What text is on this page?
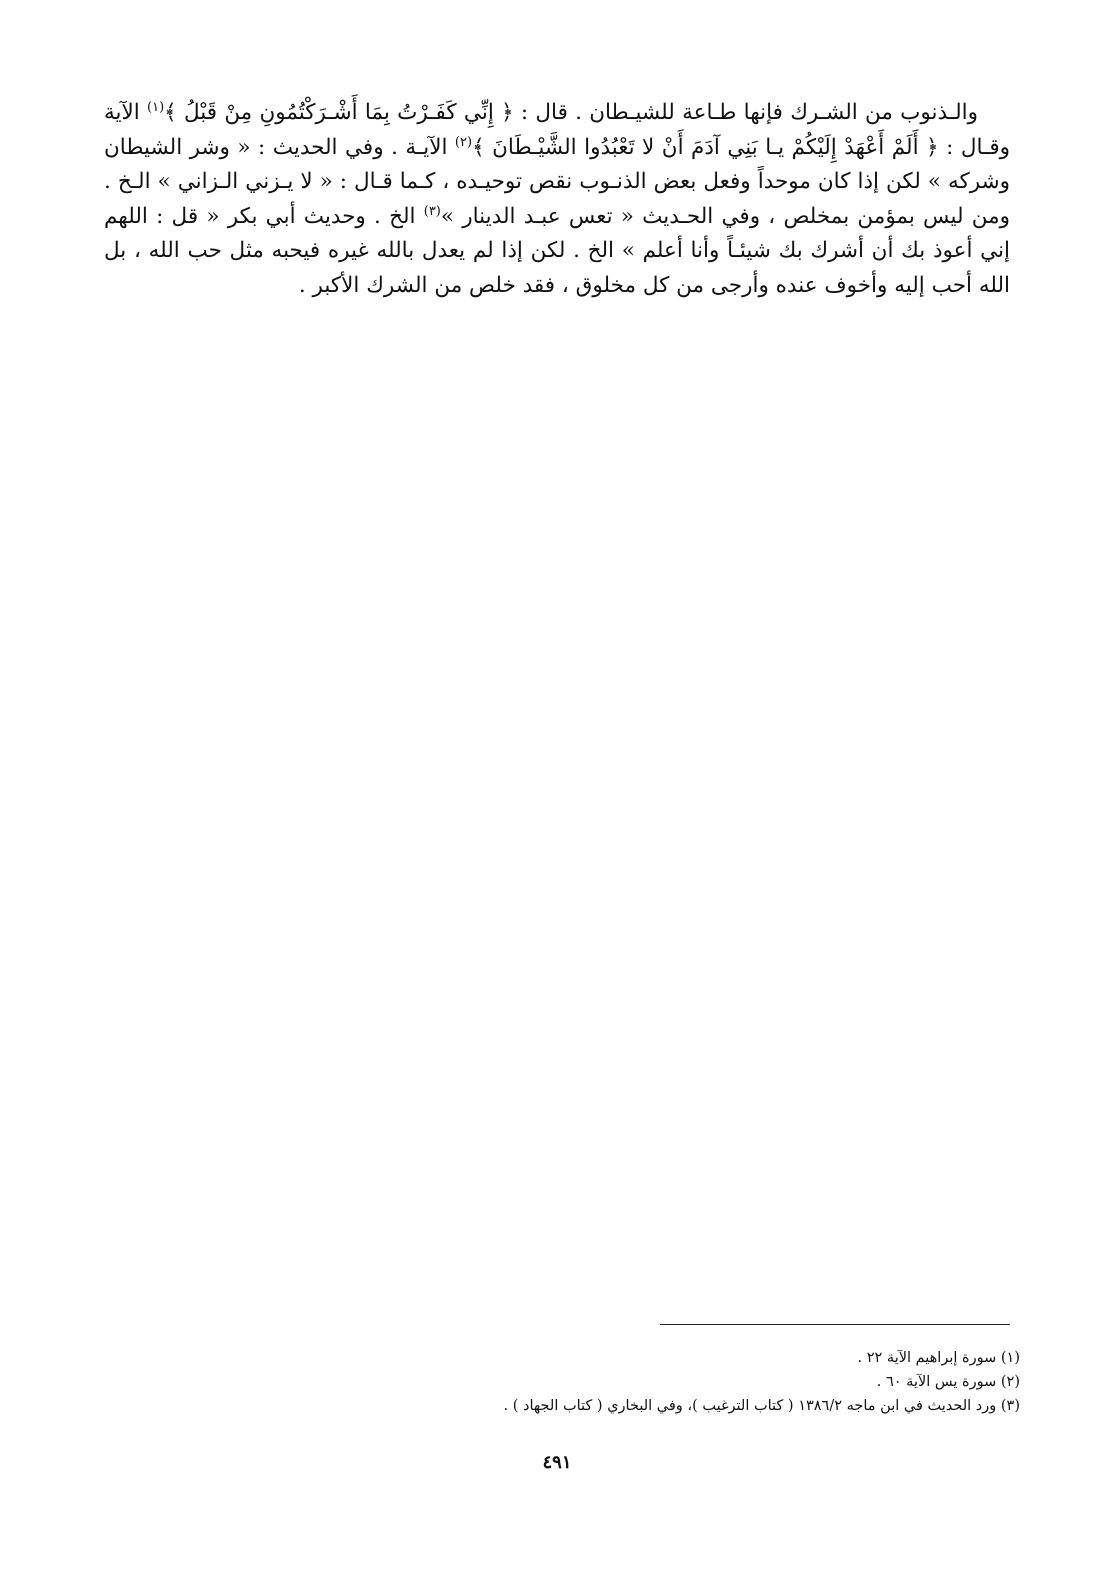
والـذنوب من الشـرك فإنها طـاعة للشيـطان . قال : ﴿ إِنِّي كَفَـرْتُ بِمَا أَشْـرَكْتُمُونِ مِنْ قَبْلُ ﴾$^{(١)}$ الآية وقـال : ﴿ أَلَمْ أَعْهَدْ إِلَيْكُمْ يـا بَنِي آدَمَ أَنْ لا تَعْبُدُوا الشَّيْـطَانَ ﴾$^{(٢)}$ الآيـة . وفي الحديث : « وشر الشيطان وشركه » لكن إذا كان موحداً وفعل بعض الذنـوب نقص توحيـده ، كـما قـال : « لا يـزني الـزاني » الـخ . ومن ليس بمؤمن بمخلص ، وفي الحـديث « تعس عبـد الدينار »$^{(٣)}$ الخ . وحديث أبي بكر « قل : اللهم إني أعوذ بك أن أشرك بك شيئـاً وأنا أعلم » الخ . لكن إذا لم يعدل بالله غيره فيحبه مثل حب الله ، بل الله أحب إليه وأخوف عنده وأرجى من كل مخلوق ، فقد خلص من الشرك الأكبر .

(١) سورة إبراهيم الآية ٢٢ .
(٢) سورة يس الآية ٦٠ .
(٣) ورد الحديث في ابن ماجه ١٣٨٦/٢ ( كتاب الترغيب )، وفي البخاري ( كتاب الجهاد ) .
٤٩١
